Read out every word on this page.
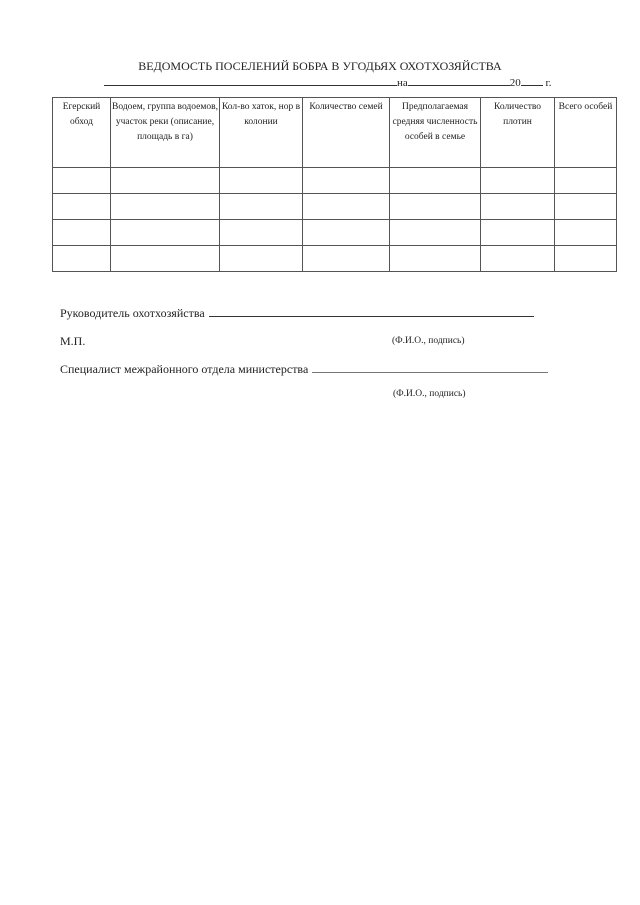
ВЕДОМОСТЬ ПОСЕЛЕНИЙ БОБРА В УГОДЬЯХ ОХОТХОЗЯЙСТВА
на	20 г.
Егерский обход	Водоем, группа водоемов, участок реки (описание, площадь в га)	Кол-во хаток, нор в колонии	Количество семей	Предполагаемая средняя численность особей в семье	Количество плотин	Всего особей

Руководитель охотхозяйства
М.П.	(Ф.И.О., подпись)
Специалист межрайонного отдела министерства
(Ф.И.О., подпись)
